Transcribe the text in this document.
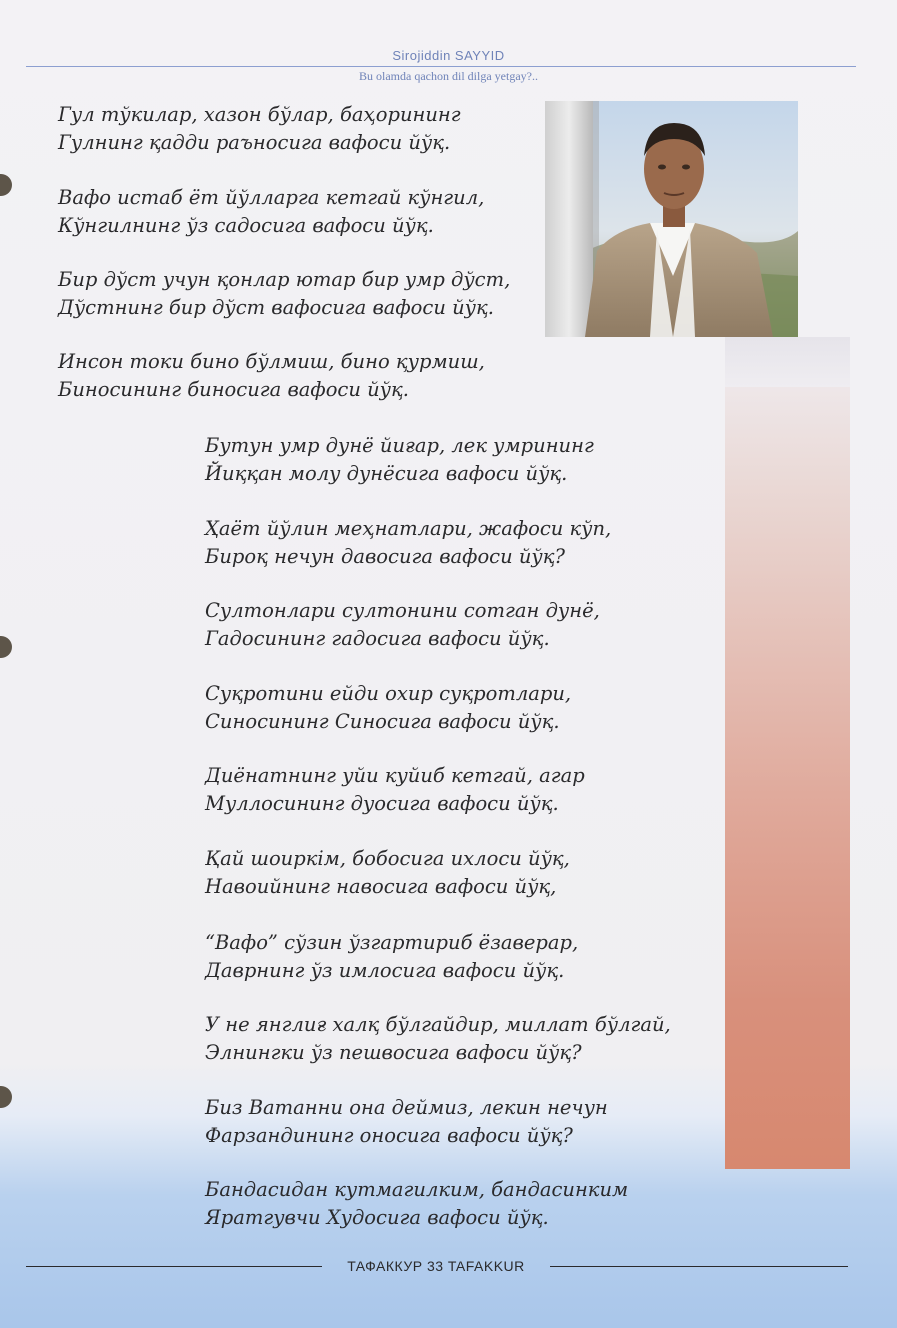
Sirojiddin SAYYID
Bu olamda qachon dil dilga yetgay?..
Гул тўкилар, хазон бўлар, баҳорининг
Гулнинг қадди раъносига вафоси йўқ.
Вафо истаб ёт йўлларга кетгай кўнгил,
Кўнгилнинг ўз садосига вафоси йўқ.
Бир дўст учун қонлар ютар бир умр дўст,
Дўстнинг бир дўст вафосига вафоси йўқ.
Инсон токи бино бўлмиш, бино қурмиш,
Биносининг биносига вафоси йўқ.
Бутун умр дунё йиғар, лек умрининг
Йиққан молу дунёсига вафоси йўқ.
Ҳаёт йўлин меҳнатлари, жафоси кўп,
Бироқ нечун давосига вафоси йўқ?
Султонлари султонини сотган дунё,
Гадосининг гадосига вафоси йўқ.
Суқротини ейди охир суқротлари,
Синосининг Синосига вафоси йўқ.
Диёнатнинг уйи куйиб кетгай, агар
Муллосининг дуосига вафоси йўқ.
Қай шоиркім, бобосига ихлоси йўқ,
Навоийнинг навосига вафоси йўқ,
“Вафо” сўзин ўзгартириб ёзаверар,
Даврнинг ўз имлосига вафоси йўқ.
У не янглиғ халқ бўлгайдир, миллат бўлгай,
Элнингки ўз пешвосига вафоси йўқ?
Биз Ватанни она деймиз, лекин нечун
Фарзандининг оносига вафоси йўқ?
Бандасидан кутмагилким, бандасинким
Яратгувчи Худосига вафоси йўқ.
ТАФАККУР 33 TAFAKKUR
